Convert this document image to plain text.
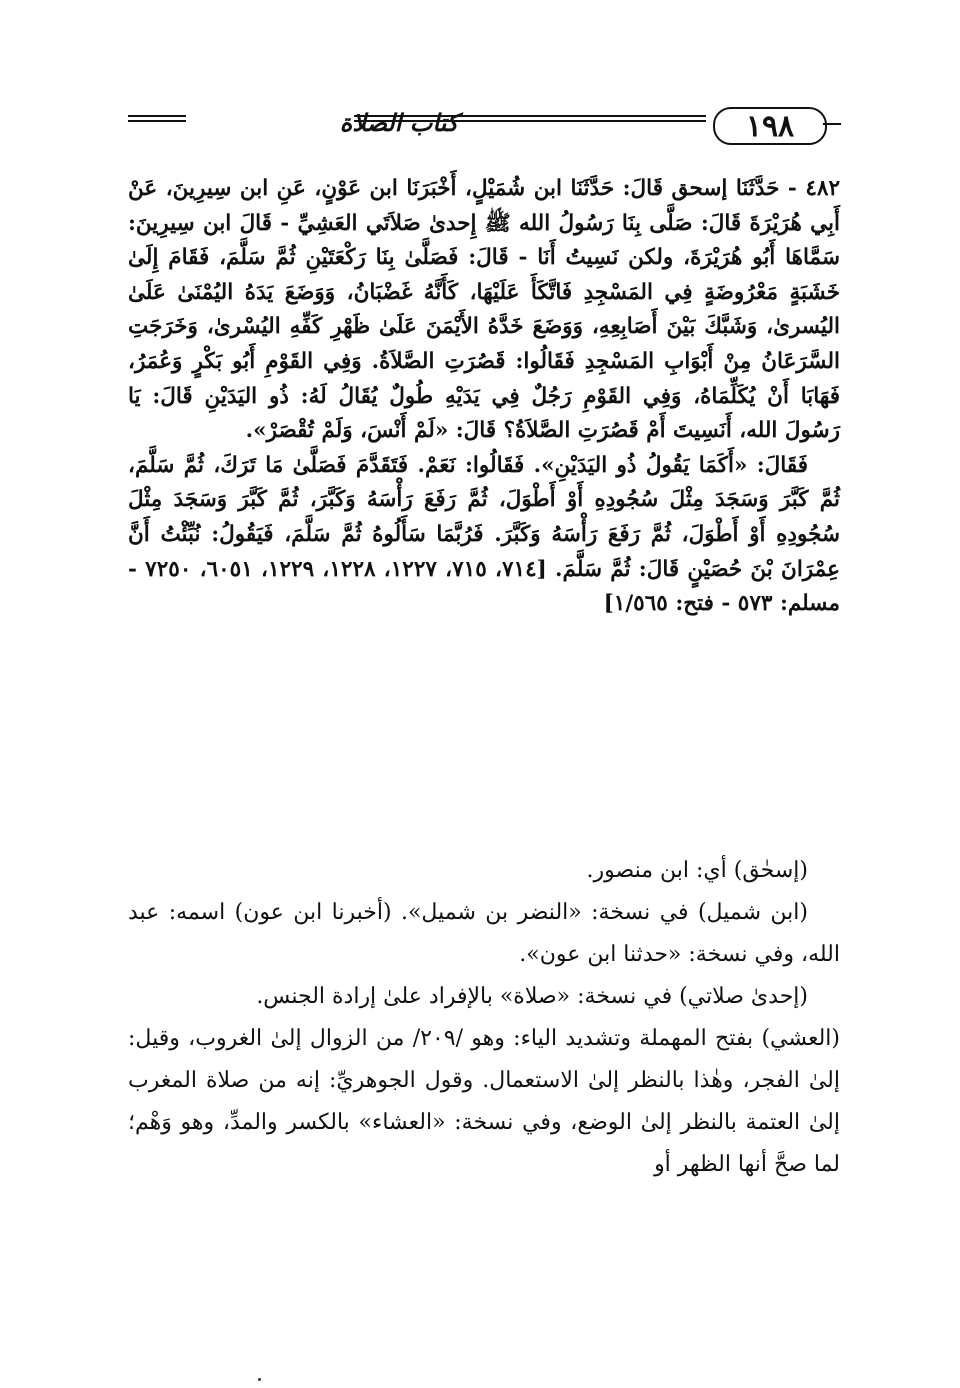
كتاب الصلاة	١٩٨

٤٨٢ - حَدَّثَنَا إسحق قَالَ: حَدَّثَنَا ابن شُمَيْلٍ، أَخْبَرَنَا ابن عَوْنٍ، عَنِ ابن سِيرِينَ، عَنْ أَبِي هُرَيْرَةَ قَالَ: صَلَّى بِنَا رَسُولُ الله ﷺ إِحدىٰ صَلاَتَي العَشِيِّ - قَالَ ابن سِيرِينَ: سَمَّاهَا أَبُو هُرَيْرَةَ، ولكن نَسِيتُ أَنَا - قَالَ: فَصَلَّىٰ بِنَا رَكْعَتَيْنِ ثُمَّ سَلَّمَ، فَقَامَ إِلَىٰ خَشَبَةٍ مَعْرُوضَةٍ فِي المَسْجِدِ فَاتَّكَأَ عَلَيْهَا، كَأَنَّهُ غَضْبَانُ، وَوَضَعَ يَدَهُ اليُمْنَىٰ عَلَىٰ اليُسرىٰ، وَشَبَّكَ بَيْنَ أَصَابِعِهِ، وَوَضَعَ خَدَّهُ الأَيْمَنَ عَلَىٰ ظَهْرِ كَفِّهِ اليُسْرىٰ، وَخَرَجَتِ السَّرَعَانُ مِنْ أَبْوَابِ المَسْجِدِ فَقَالُوا: قَصُرَتِ الصَّلاَةُ. وَفِي القَوْمِ أَبُو بَكْرٍ وَعُمَرُ، فَهَابَا أَنْ يُكَلِّمَاهُ، وَفِي القَوْمِ رَجُلٌ فِي يَدَيْهِ طُولٌ يُقَالُ لَهُ: ذُو اليَدَيْنِ قَالَ: يَا رَسُولَ الله، أَنَسِيتَ أَمْ قَصُرَتِ الصَّلاَةُ؟ قَالَ: «لَمْ أَنْسَ، وَلَمْ تُقْصَرْ».

فَقَالَ: «أَكَمَا يَقُولُ ذُو اليَدَيْنِ». فَقَالُوا: نَعَمْ. فَتَقَدَّمَ فَصَلَّىٰ مَا تَرَكَ، ثُمَّ سَلَّمَ، ثُمَّ كَبَّرَ وَسَجَدَ مِثْلَ سُجُودِهِ أَوْ أَطْوَلَ، ثُمَّ رَفَعَ رَأْسَهُ وَكَبَّرَ، ثُمَّ كَبَّرَ وَسَجَدَ مِثْلَ سُجُودِهِ أَوْ أَطْوَلَ، ثُمَّ رَفَعَ رَأْسَهُ وَكَبَّرَ. فَرُبَّمَا سَأَلُوهُ ثُمَّ سَلَّمَ، فَيَقُولُ: نُبِّئْتُ أَنَّ عِمْرَانَ بْنَ حُصَيْنٍ قَالَ: ثُمَّ سَلَّمَ. [٧١٤، ٧١٥، ١٢٢٧، ١٢٢٨، ١٢٢٩، ٦٠٥١، ٧٢٥٠ - مسلم: ٥٧٣ - فتح: ١/٥٦٥]

(إسحٰق) أي: ابن منصور.

(ابن شميل) في نسخة: «النضر بن شميل». (أخبرنا ابن عون) اسمه: عبد الله، وفي نسخة: «حدثنا ابن عون».

(إحدىٰ صلاتي) في نسخة: «صلاة» بالإفراد علىٰ إرادة الجنس.

(العشي) بفتح المهملة وتشديد الياء: وهو /٢٠٩/ من الزوال إلىٰ الغروب، وقيل: إلىٰ الفجر، وهٰذا بالنظر إلىٰ الاستعمال. وقول الجوهريِّ: إنه من صلاة المغرب إلىٰ العتمة بالنظر إلىٰ الوضع، وفي نسخة: «العشاء» بالكسر والمدِّ، وهو وَهْم؛ لما صحَّ أنها الظهر أو
